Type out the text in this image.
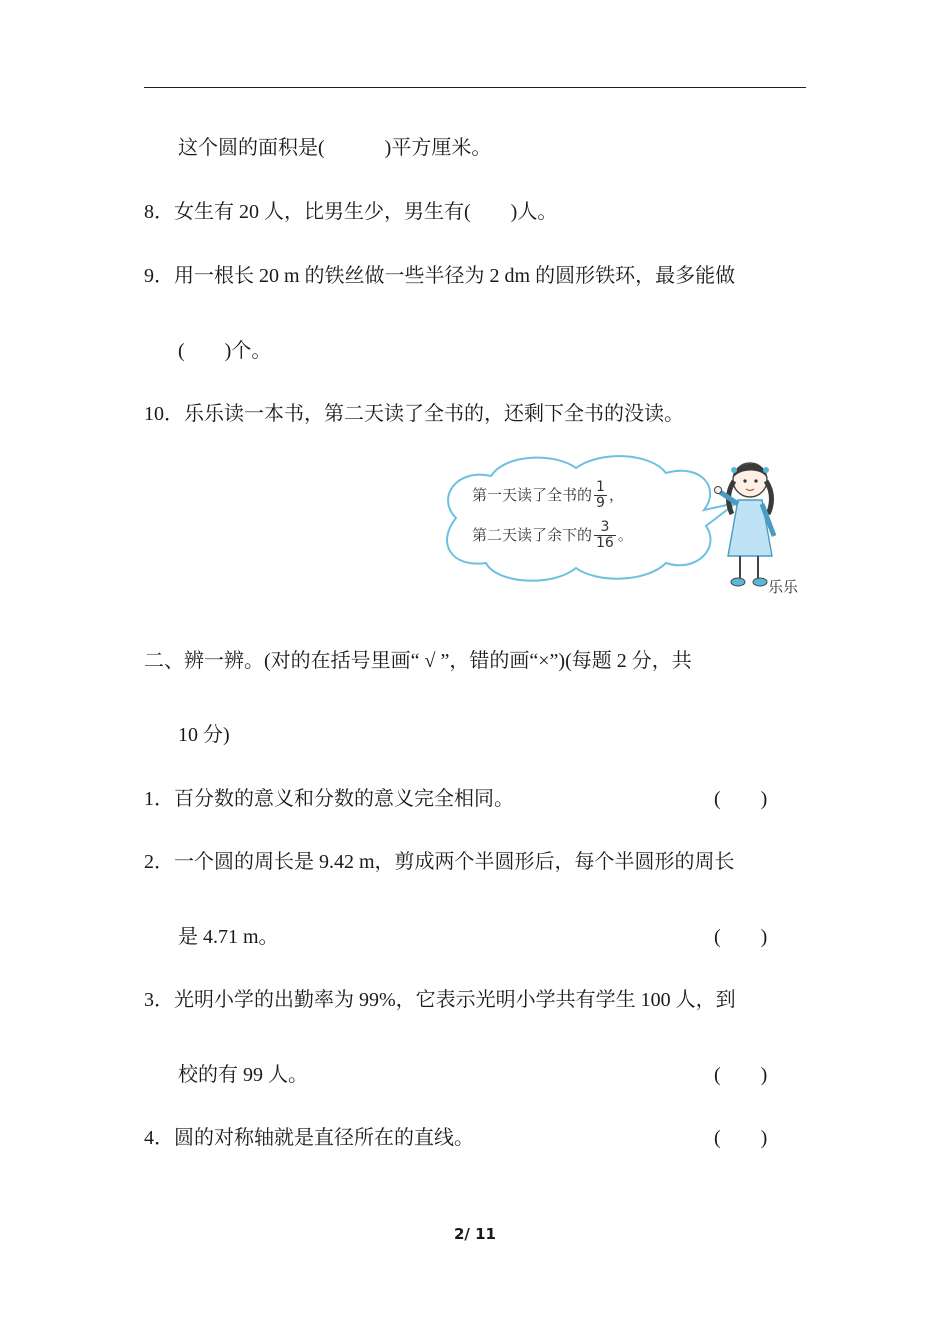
这个圆的面积是(　　　)平方厘米。
8．女生有 20 人，比男生少，男生有(　　)人。
9．用一根长 20 m 的铁丝做一些半径为 2 dm 的圆形铁环，最多能做
(　　)个。
10．乐乐读一本书，第二天读了全书的，还剩下全书的没读。
第一天读了全书的 $\frac{1}{9}$ ，
第二天读了余下的 $\frac{3}{16}$ 。
乐乐
二、辨一辨。(对的在括号里画“ √ ”，错的画“×”)(每题 2 分，共
10 分)
1．百分数的意义和分数的意义完全相同。	(　　)
2．一个圆的周长是 9.42 m，剪成两个半圆形后，每个半圆形的周长
是 4.71 m。	(　　)
3．光明小学的出勤率为 99%，它表示光明小学共有学生 100 人，到
校的有 99 人。	(　　)
4．圆的对称轴就是直径所在的直线。	(　　)
2/ 11
